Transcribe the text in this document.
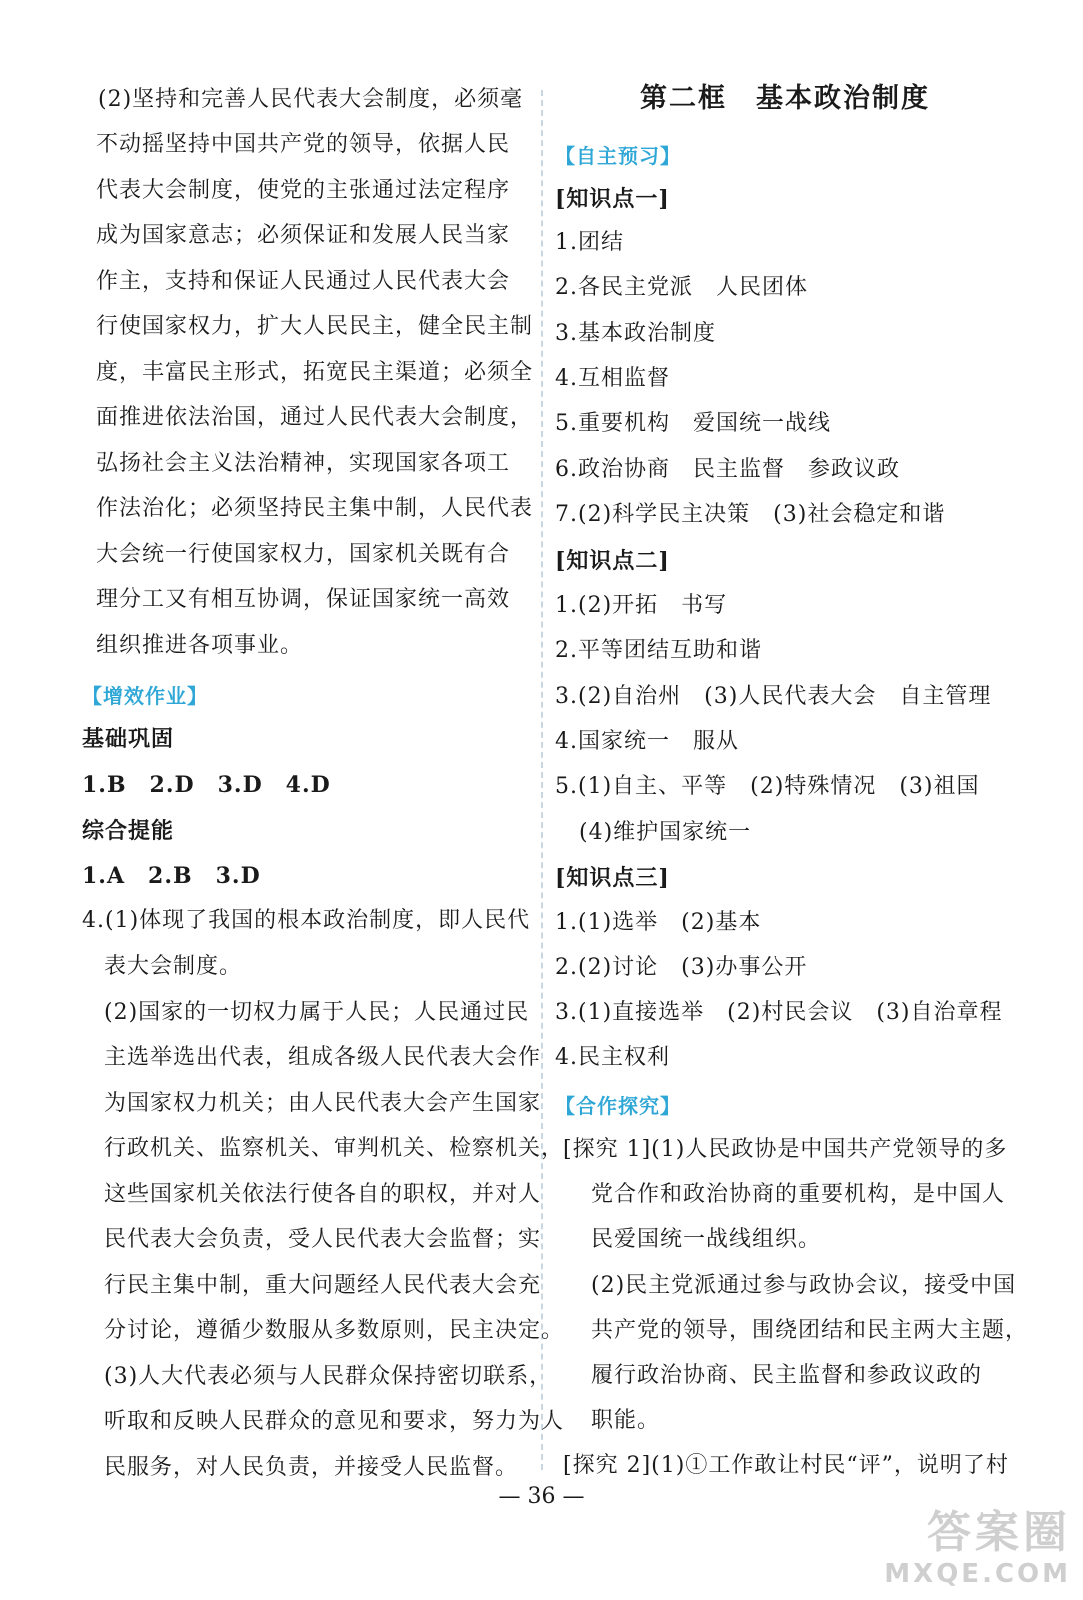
(2)坚持和完善人民代表大会制度，必须毫
不动摇坚持中国共产党的领导，依据人民
代表大会制度，使党的主张通过法定程序
成为国家意志；必须保证和发展人民当家
作主，支持和保证人民通过人民代表大会
行使国家权力，扩大人民民主，健全民主制
度，丰富民主形式，拓宽民主渠道；必须全
面推进依法治国，通过人民代表大会制度，
弘扬社会主义法治精神，实现国家各项工
作法治化；必须坚持民主集中制，人民代表
大会统一行使国家权力，国家机关既有合
理分工又有相互协调，保证国家统一高效
组织推进各项事业。
【增效作业】
基础巩固
1.B　2.D　3.D　4.D
综合提能
1.A　2.B　3.D
4.(1)体现了我国的根本政治制度，即人民代
表大会制度。
(2)国家的一切权力属于人民；人民通过民
主选举选出代表，组成各级人民代表大会作
为国家权力机关；由人民代表大会产生国家
行政机关、监察机关、审判机关、检察机关，
这些国家机关依法行使各自的职权，并对人
民代表大会负责，受人民代表大会监督；实
行民主集中制，重大问题经人民代表大会充
分讨论，遵循少数服从多数原则，民主决定。
(3)人大代表必须与人民群众保持密切联系，
听取和反映人民群众的意见和要求，努力为人
民服务，对人民负责，并接受人民监督。
第二框　基本政治制度
【自主预习】
[知识点一]
1.团结
2.各民主党派　人民团体
3.基本政治制度
4.互相监督
5.重要机构　爱国统一战线
6.政治协商　民主监督　参政议政
7.(2)科学民主决策　(3)社会稳定和谐
[知识点二]
1.(2)开拓　书写
2.平等团结互助和谐
3.(2)自治州　(3)人民代表大会　自主管理
4.国家统一　服从
5.(1)自主、平等　(2)特殊情况　(3)祖国
(4)维护国家统一
[知识点三]
1.(1)选举　(2)基本
2.(2)讨论　(3)办事公开
3.(1)直接选举　(2)村民会议　(3)自治章程
4.民主权利
【合作探究】
[探究 1](1)人民政协是中国共产党领导的多
党合作和政治协商的重要机构，是中国人
民爱国统一战线组织。
(2)民主党派通过参与政协会议，接受中国
共产党的领导，围绕团结和民主两大主题，
履行政治协商、民主监督和参政议政的
职能。
[探究 2](1)①工作敢让村民“评”，说明了村
— 36 —
答案圈
MXQE.COM
